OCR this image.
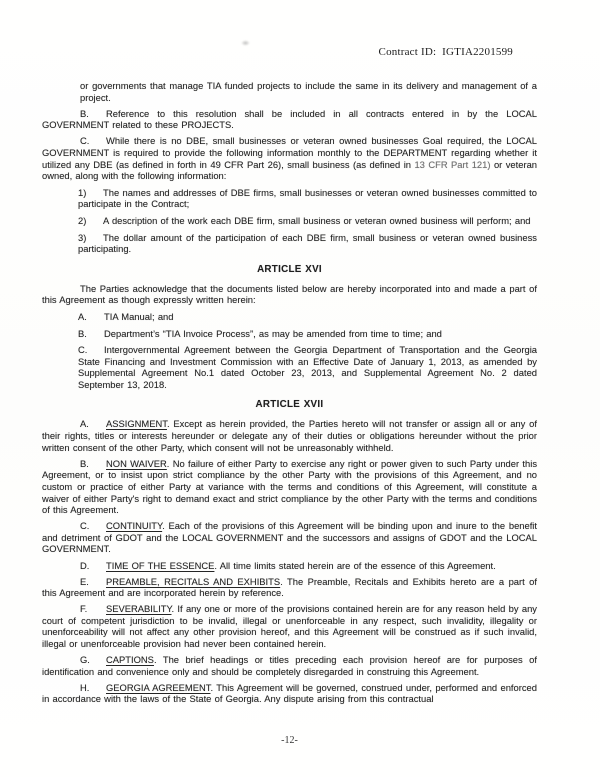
Contract ID: IGTIA2201599

or governments that manage TIA funded projects to include the same in its delivery and management of a project.

B. Reference to this resolution shall be included in all contracts entered in by the LOCAL GOVERNMENT related to these PROJECTS.

C. While there is no DBE, small businesses or veteran owned businesses Goal required, the LOCAL GOVERNMENT is required to provide the following information monthly to the DEPARTMENT regarding whether it utilized any DBE (as defined in forth in 49 CFR Part 26), small business (as defined in 13 CFR Part 121) or veteran owned, along with the following information:

1) The names and addresses of DBE firms, small businesses or veteran owned businesses committed to participate in the Contract;

2) A description of the work each DBE firm, small business or veteran owned business will perform; and

3) The dollar amount of the participation of each DBE firm, small business or veteran owned business participating.

ARTICLE XVI

The Parties acknowledge that the documents listed below are hereby incorporated into and made a part of this Agreement as though expressly written herein:

A. TIA Manual; and

B. Department’s “TIA Invoice Process”, as may be amended from time to time; and

C. Intergovernmental Agreement between the Georgia Department of Transportation and the Georgia State Financing and Investment Commission with an Effective Date of January 1, 2013, as amended by Supplemental Agreement No.1 dated October 23, 2013, and Supplemental Agreement No. 2 dated September 13, 2018.

ARTICLE XVII

A. ASSIGNMENT. Except as herein provided, the Parties hereto will not transfer or assign all or any of their rights, titles or interests hereunder or delegate any of their duties or obligations hereunder without the prior written consent of the other Party, which consent will not be unreasonably withheld.

B. NON WAIVER. No failure of either Party to exercise any right or power given to such Party under this Agreement, or to insist upon strict compliance by the other Party with the provisions of this Agreement, and no custom or practice of either Party at variance with the terms and conditions of this Agreement, will constitute a waiver of either Party's right to demand exact and strict compliance by the other Party with the terms and conditions of this Agreement.

C. CONTINUITY. Each of the provisions of this Agreement will be binding upon and inure to the benefit and detriment of GDOT and the LOCAL GOVERNMENT and the successors and assigns of GDOT and the LOCAL GOVERNMENT.

D. TIME OF THE ESSENCE. All time limits stated herein are of the essence of this Agreement.

E. PREAMBLE, RECITALS AND EXHIBITS. The Preamble, Recitals and Exhibits hereto are a part of this Agreement and are incorporated herein by reference.

F. SEVERABILITY. If any one or more of the provisions contained herein are for any reason held by any court of competent jurisdiction to be invalid, illegal or unenforceable in any respect, such invalidity, illegality or unenforceability will not affect any other provision hereof, and this Agreement will be construed as if such invalid, illegal or unenforceable provision had never been contained herein.

G. CAPTIONS. The brief headings or titles preceding each provision hereof are for purposes of identification and convenience only and should be completely disregarded in construing this Agreement.

H. GEORGIA AGREEMENT. This Agreement will be governed, construed under, performed and enforced in accordance with the laws of the State of Georgia. Any dispute arising from this contractual

-12-
